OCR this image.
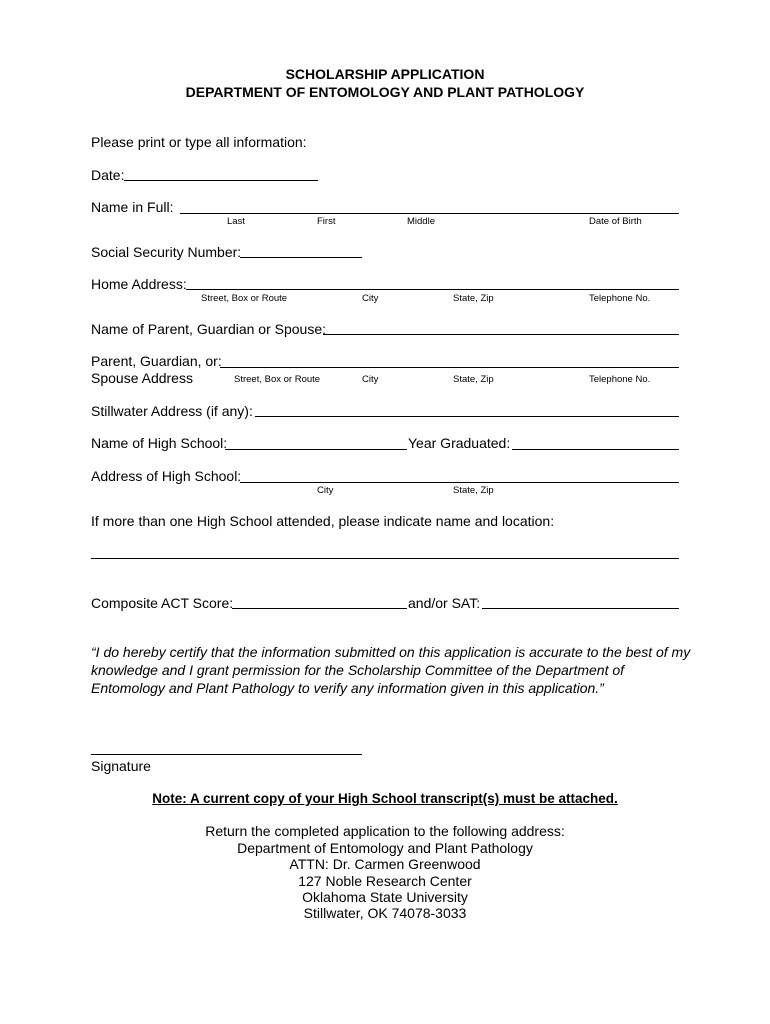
SCHOLARSHIP APPLICATION
DEPARTMENT OF ENTOMOLOGY AND PLANT PATHOLOGY
Please print or type all information:
Date:
Name in Full:
Last	First	Middle	Date of Birth
Social Security Number:
Home Address:
Street, Box or Route	City	State, Zip	Telephone No.
Name of Parent, Guardian or Spouse:
Parent, Guardian, or:
Spouse Address	Street, Box or Route	City	State, Zip	Telephone No.
Stillwater Address (if any):
Name of High School:	Year Graduated:
Address of High School:
City	State, Zip
If more than one High School attended, please indicate name and location:
Composite ACT Score:	and/or SAT:
“I do hereby certify that the information submitted on this application is accurate to the best of my knowledge and I grant permission for the Scholarship Committee of the Department of Entomology and Plant Pathology to verify any information given in this application.”
Signature
Note: A current copy of your High School transcript(s) must be attached.
Return the completed application to the following address:
Department of Entomology and Plant Pathology
ATTN: Dr. Carmen Greenwood
127 Noble Research Center
Oklahoma State University
Stillwater, OK 74078-3033
